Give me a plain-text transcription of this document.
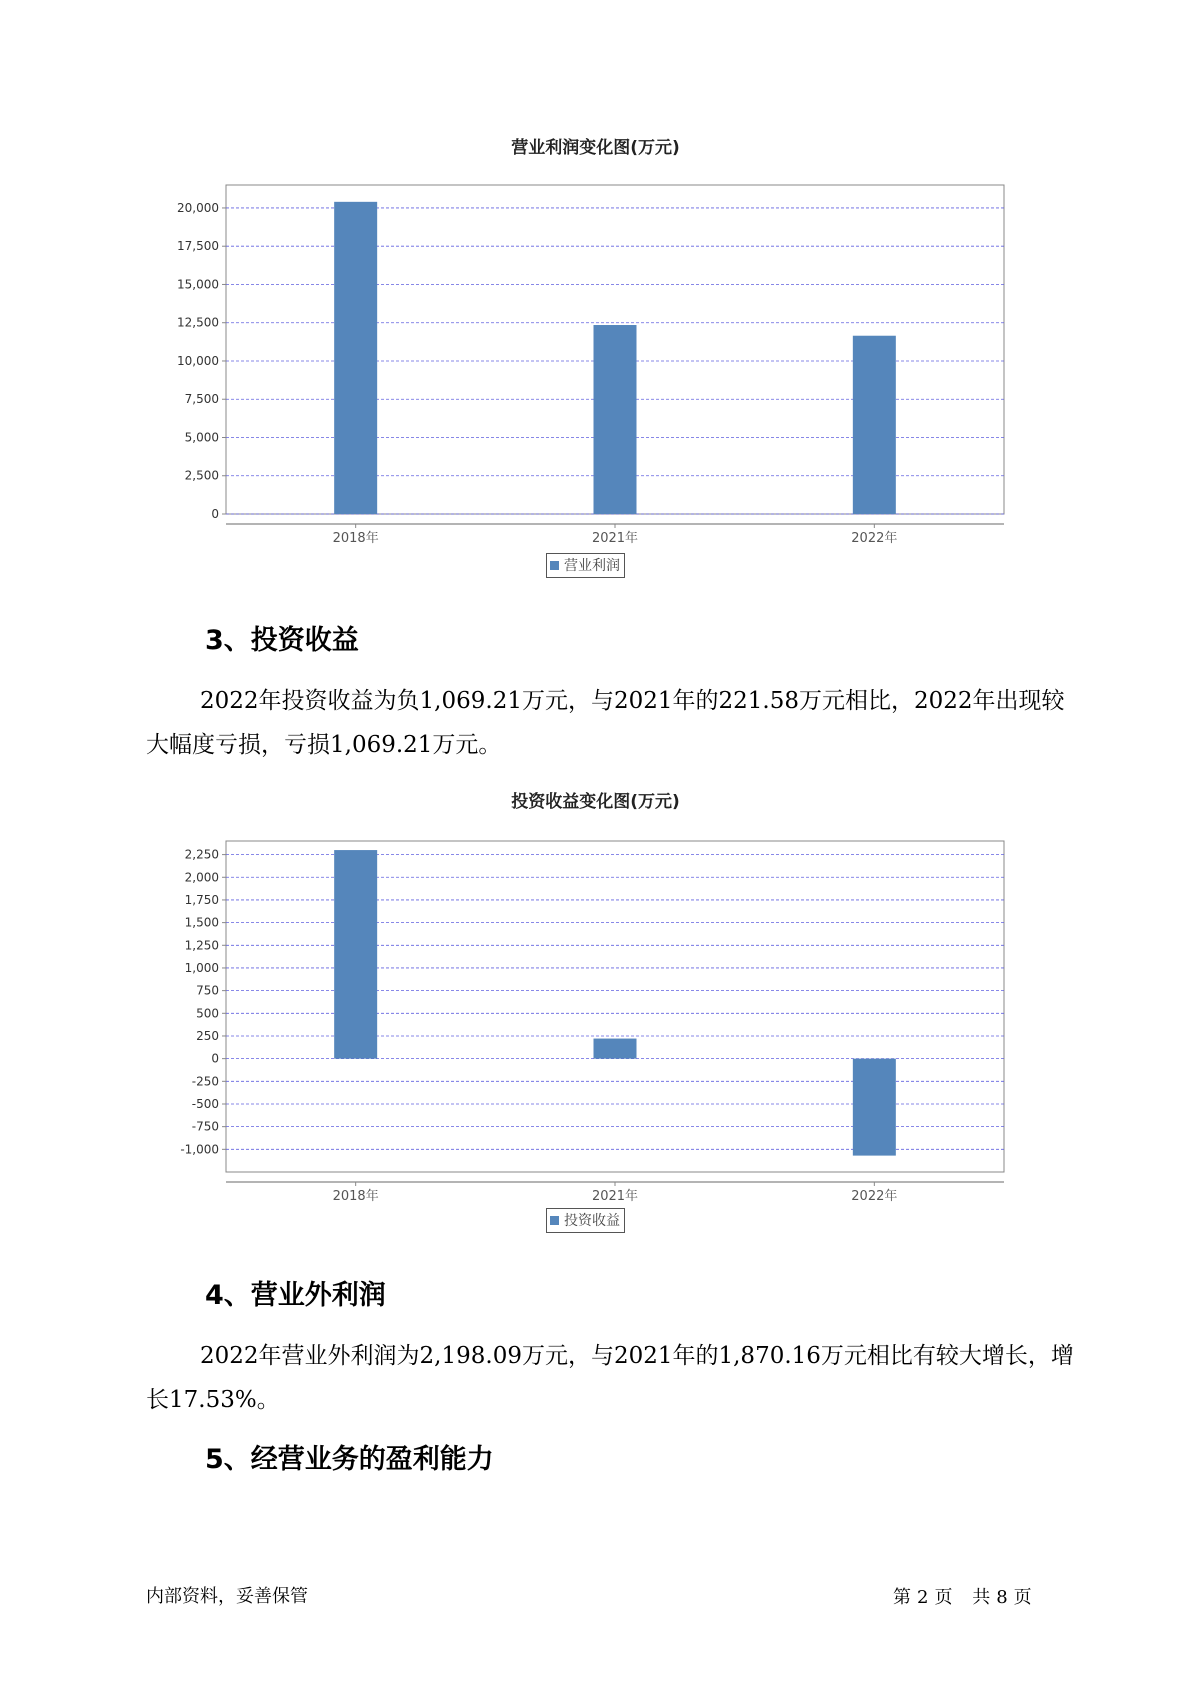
营业利润变化图(万元)
0
2,500
5,000
7,500
10,000
12,500
15,000
17,500
20,000
2018年	2021年	2022年
营业利润
3、投资收益

2022年投资收益为负1,069.21万元，与2021年的221.58万元相比，2022年出现较大幅度亏损，亏损1,069.21万元。

投资收益变化图(万元)
-1,000
-750
-500
-250
0
250
500
750
1,000
1,250
1,500
1,750
2,000
2,250
2018年	2021年	2022年
投资收益
4、营业外利润

2022年营业外利润为2,198.09万元，与2021年的1,870.16万元相比有较大增长，增长17.53%。

5、经营业务的盈利能力
内部资料，妥善保管	第 2 页 共 8 页
